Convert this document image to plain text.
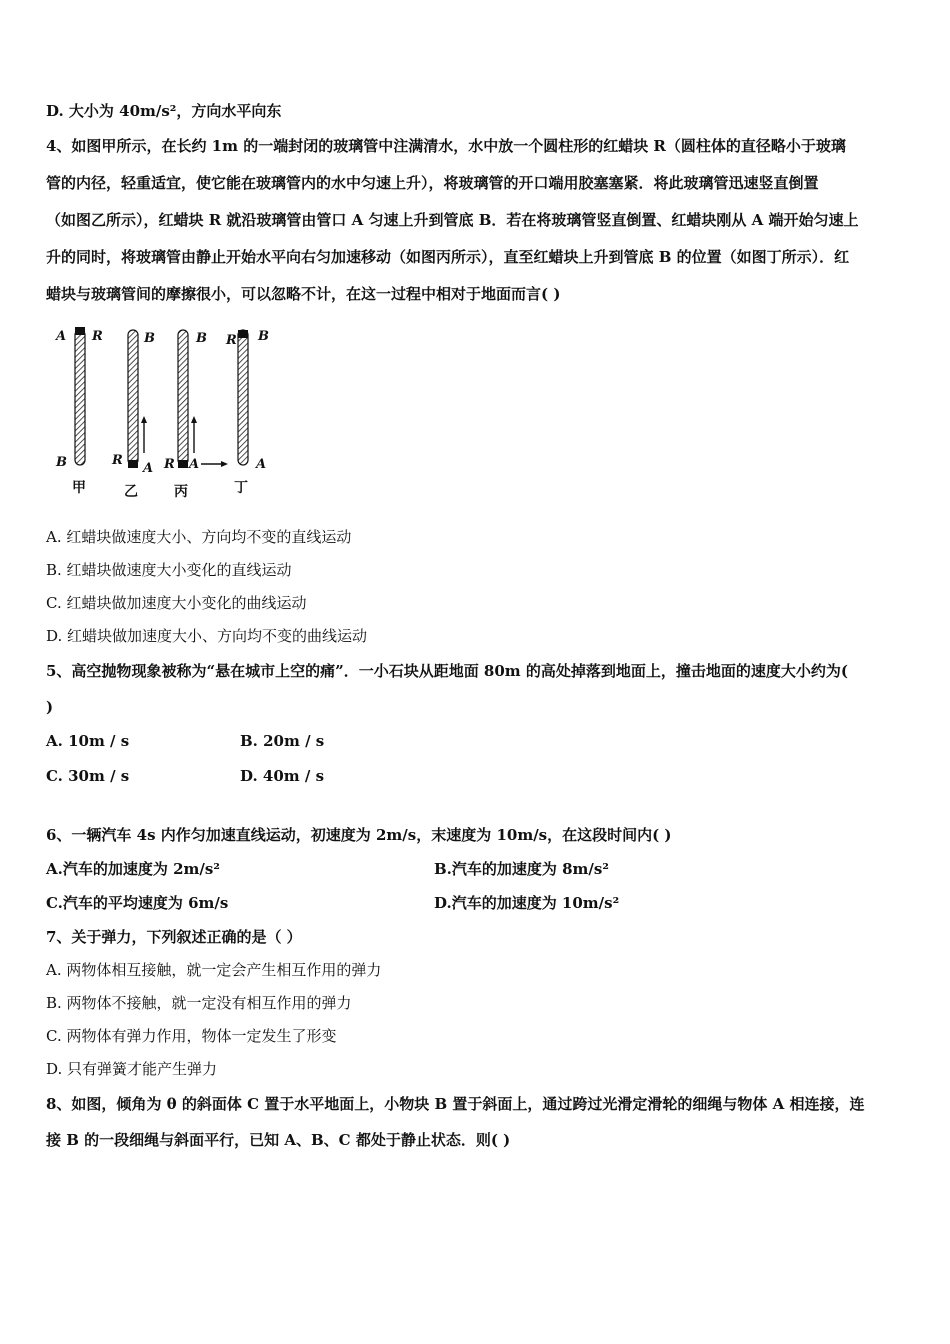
D. 大小为 40m/s²，方向水平向东
4、如图甲所示，在长约 1m 的一端封闭的玻璃管中注满清水，水中放一个圆柱形的红蜡块 R（圆柱体的直径略小于玻璃
管的内径，轻重适宜，使它能在玻璃管内的水中匀速上升），将玻璃管的开口端用胶塞塞紧．将此玻璃管迅速竖直倒置
（如图乙所示），红蜡块 R 就沿玻璃管由管口 A 匀速上升到管底 B．若在将玻璃管竖直倒置、红蜡块刚从 A 端开始匀速上
升的同时，将玻璃管由静止开始水平向右匀加速移动（如图丙所示），直至红蜡块上升到管底 B 的位置（如图丁所示）．红
蜡块与玻璃管间的摩擦很小，可以忽略不计，在这一过程中相对于地面而言( )
A R
B
甲
B
R
A
乙
B
R A
丙
R B
A
丁
A. 红蜡块做速度大小、方向均不变的直线运动
B. 红蜡块做速度大小变化的直线运动
C. 红蜡块做加速度大小变化的曲线运动
D. 红蜡块做加速度大小、方向均不变的曲线运动
5、高空抛物现象被称为“悬在城市上空的痛”．一小石块从距地面 80m 的高处掉落到地面上，撞击地面的速度大小约为(
)
A. 10m / s	B. 20m / s
C. 30m / s	D. 40m / s
6、一辆汽车 4s 内作匀加速直线运动，初速度为 2m/s，末速度为 10m/s，在这段时间内( )
A.汽车的加速度为 2m/s²	B.汽车的加速度为 8m/s²
C.汽车的平均速度为 6m/s	D.汽车的加速度为 10m/s²
7、关于弹力，下列叙述正确的是（ ）
A. 两物体相互接触，就一定会产生相互作用的弹力
B. 两物体不接触，就一定没有相互作用的弹力
C. 两物体有弹力作用，物体一定发生了形变
D. 只有弹簧才能产生弹力
8、如图，倾角为 θ 的斜面体 C 置于水平地面上，小物块 B 置于斜面上，通过跨过光滑定滑轮的细绳与物体 A 相连接，连
接 B 的一段细绳与斜面平行，已知 A、B、C 都处于静止状态．则( )
